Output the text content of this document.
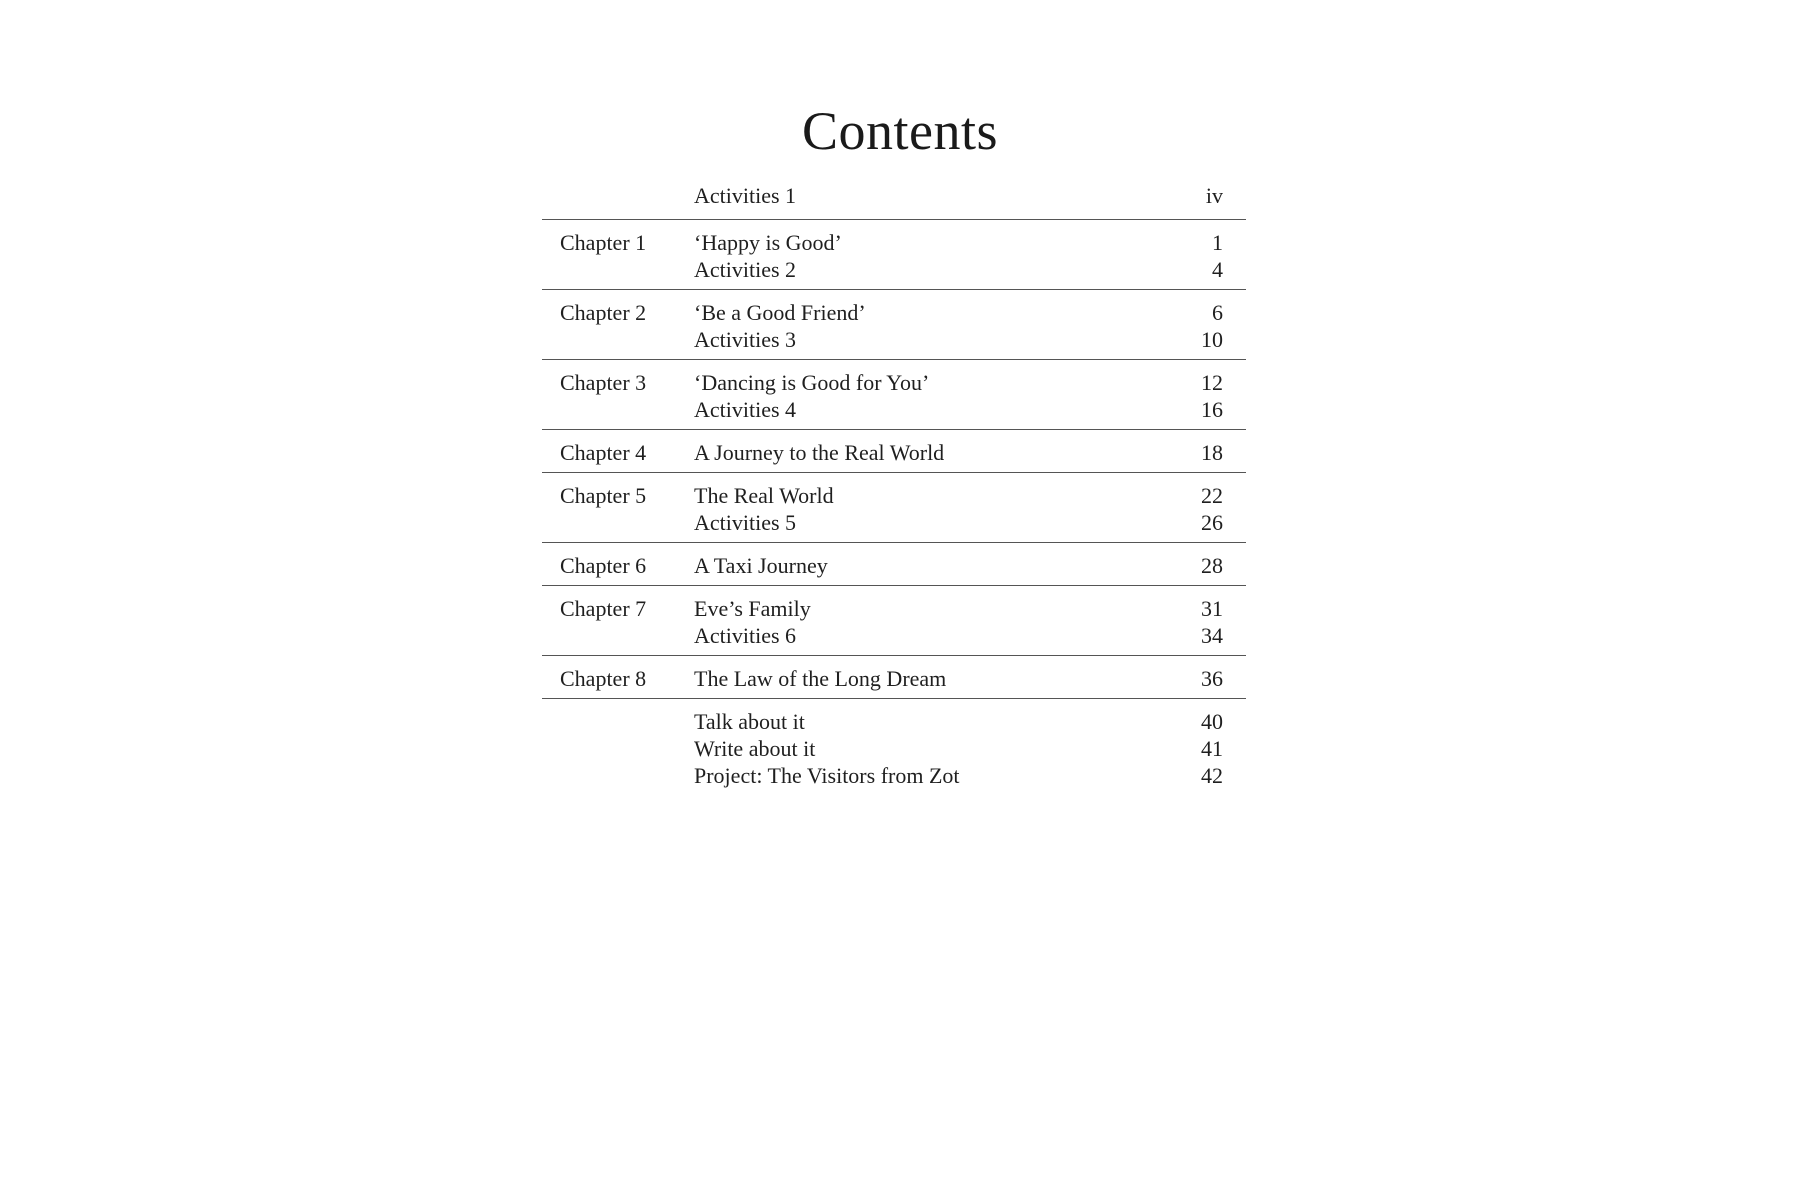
Contents
Activities 1	iv
Chapter 1 ‘Happy is Good’	1
Activities 2	4
Chapter 2 ‘Be a Good Friend’	6
Activities 3	10
Chapter 3 ‘Dancing is Good for You’	12
Activities 4	16
Chapter 4 A Journey to the Real World	18
Chapter 5 The Real World	22
Activities 5	26
Chapter 6 A Taxi Journey	28
Chapter 7 Eve’s Family	31
Activities 6	34
Chapter 8 The Law of the Long Dream	36
Talk about it	40
Write about it	41
Project: The Visitors from Zot	42
